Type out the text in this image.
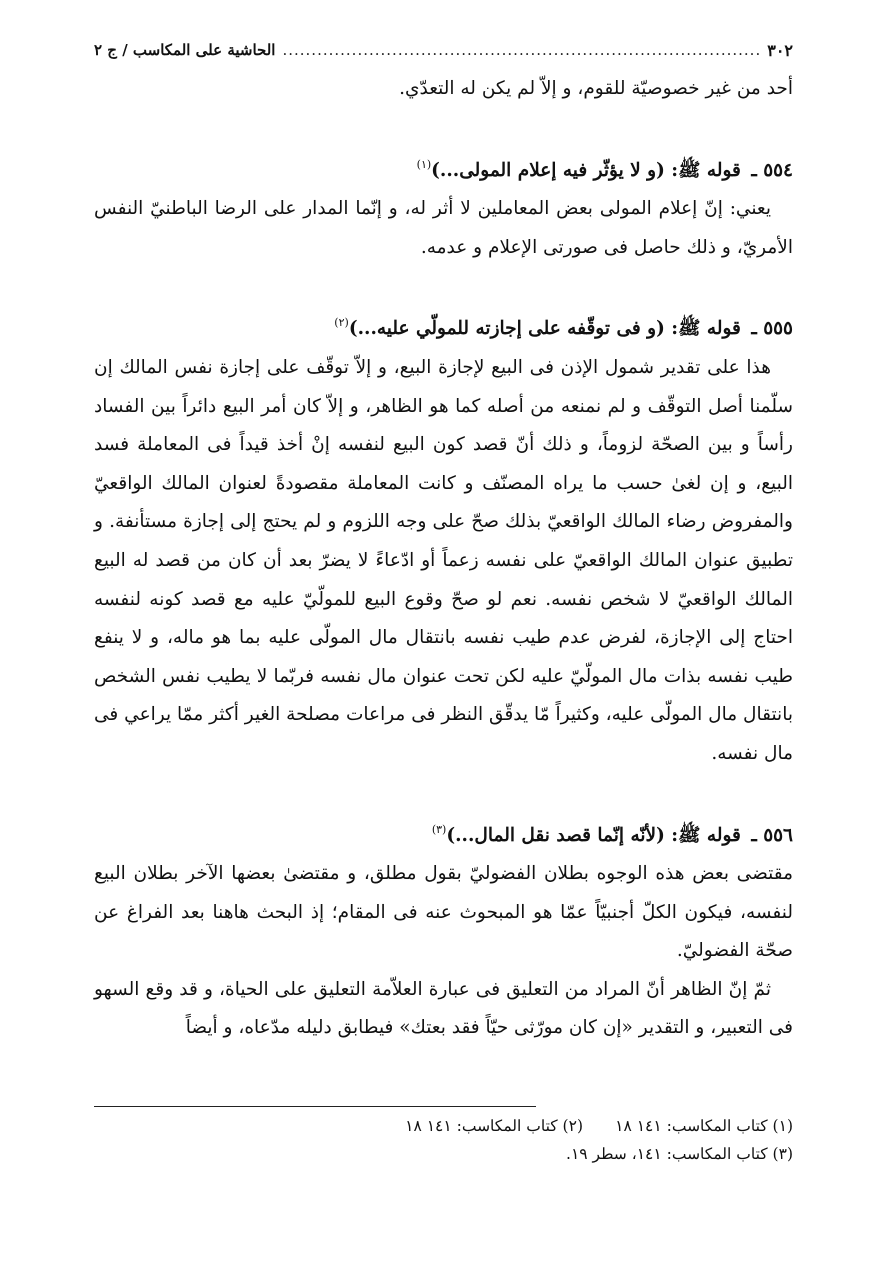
٣٠٢
.....
الحاشية على المكاسب / ج ٢

أحد من غير خصوصيّة للقوم، و إلاّ لم يكن له التعدّي.

٥٥٤ ـ قوله ﷺ: (و لا يؤثّر فيه إعلام المولى...)$^{(١)}$

يعني: إنّ إعلام المولى بعض المعاملين لا أثر له، و إنّما المدار على الرضا الباطنيّ النفس الأمريّ، و ذلك حاصل فى صورتى الإعلام و عدمه.

٥٥٥ ـ قوله ﷺ: (و فى توقّفه على إجازته للمولّي عليه...)$^{(٢)}$

هذا على تقدير شمول الإذن فى البيع لإجازة البيع، و إلاّ توقّف على إجازة نفس المالك إن سلّمنا أصل التوقّف و لم نمنعه من أصله كما هو الظاهر، و إلاّ كان أمر البيع دائراً بين الفساد رأساً و بين الصحّة لزوماً، و ذلك أنّ قصد كون البيع لنفسه إنْ أخذ قيداً فى المعاملة فسد البيع، و إن لغىٰ حسب ما يراه المصنّف و كانت المعاملة مقصودةً لعنوان المالك الواقعيّ والمفروض رضاء المالك الواقعيّ بذلك صحّ على وجه اللزوم و لم يحتج إلى إجازة مستأنفة. و تطبيق عنوان المالك الواقعيّ على نفسه زعماً أو ادّعاءً لا يضرّ بعد أن كان من قصد له البيع المالك الواقعيّ لا شخص نفسه. نعم لو صحّ وقوع البيع للمولّيّ عليه مع قصد كونه لنفسه احتاج إلى الإجازة، لفرض عدم طيب نفسه بانتقال مال المولّى عليه بما هو ماله، و لا ينفع طيب نفسه بذات مال المولّيّ عليه لكن تحت عنوان مال نفسه فربّما لا يطيب نفس الشخص بانتقال مال المولّى عليه، وكثيراً مّا يدقّق النظر فى مراعات مصلحة الغير أكثر ممّا يراعي فى مال نفسه.

٥٥٦ ـ قوله ﷺ: (لأنّه إنّما قصد نقل المال...)$^{(٣)}$

مقتضى بعض هذه الوجوه بطلان الفضوليّ بقول مطلق، و مقتضىٰ بعضها الآخر بطلان البيع لنفسه، فيكون الكلّ أجنبيّاً عمّا هو المبحوث عنه فى المقام؛ إذ البحث هاهنا بعد الفراغ عن صحّة الفضوليّ.

ثمّ إنّ الظاهر أنّ المراد من التعليق فى عبارة العلاّمة التعليق على الحياة، و قد وقع السهو فى التعبير، و التقدير «إن كان مورّثى حيّاً فقد بعتك» فيطابق دليله مدّعاه، و أيضاً

(١) كتاب المكاسب: ١٤١ ١٨
(٢) كتاب المكاسب: ١٤١ ١٨
(٣) كتاب المكاسب: ١٤١، سطر ١٩.
